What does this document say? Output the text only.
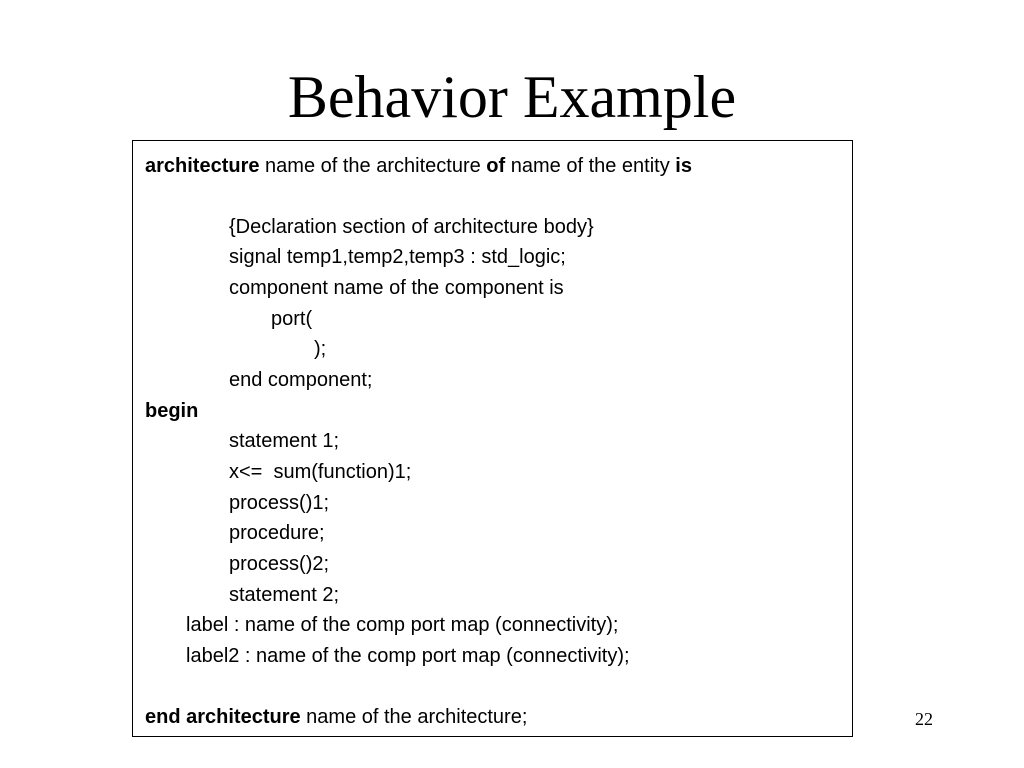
Behavior Example
architecture name of the architecture of name of the entity is
{Declaration section of architecture body}
signal temp1,temp2,temp3 : std_logic;
component name of the component is
port(
);
end component;
begin
statement 1;
x<=  sum(function)1;
process()1;
procedure;
process()2;
statement 2;
label : name of the comp port map (connectivity);
label2 : name of the comp port map (connectivity);
end architecture name of the architecture;	22
